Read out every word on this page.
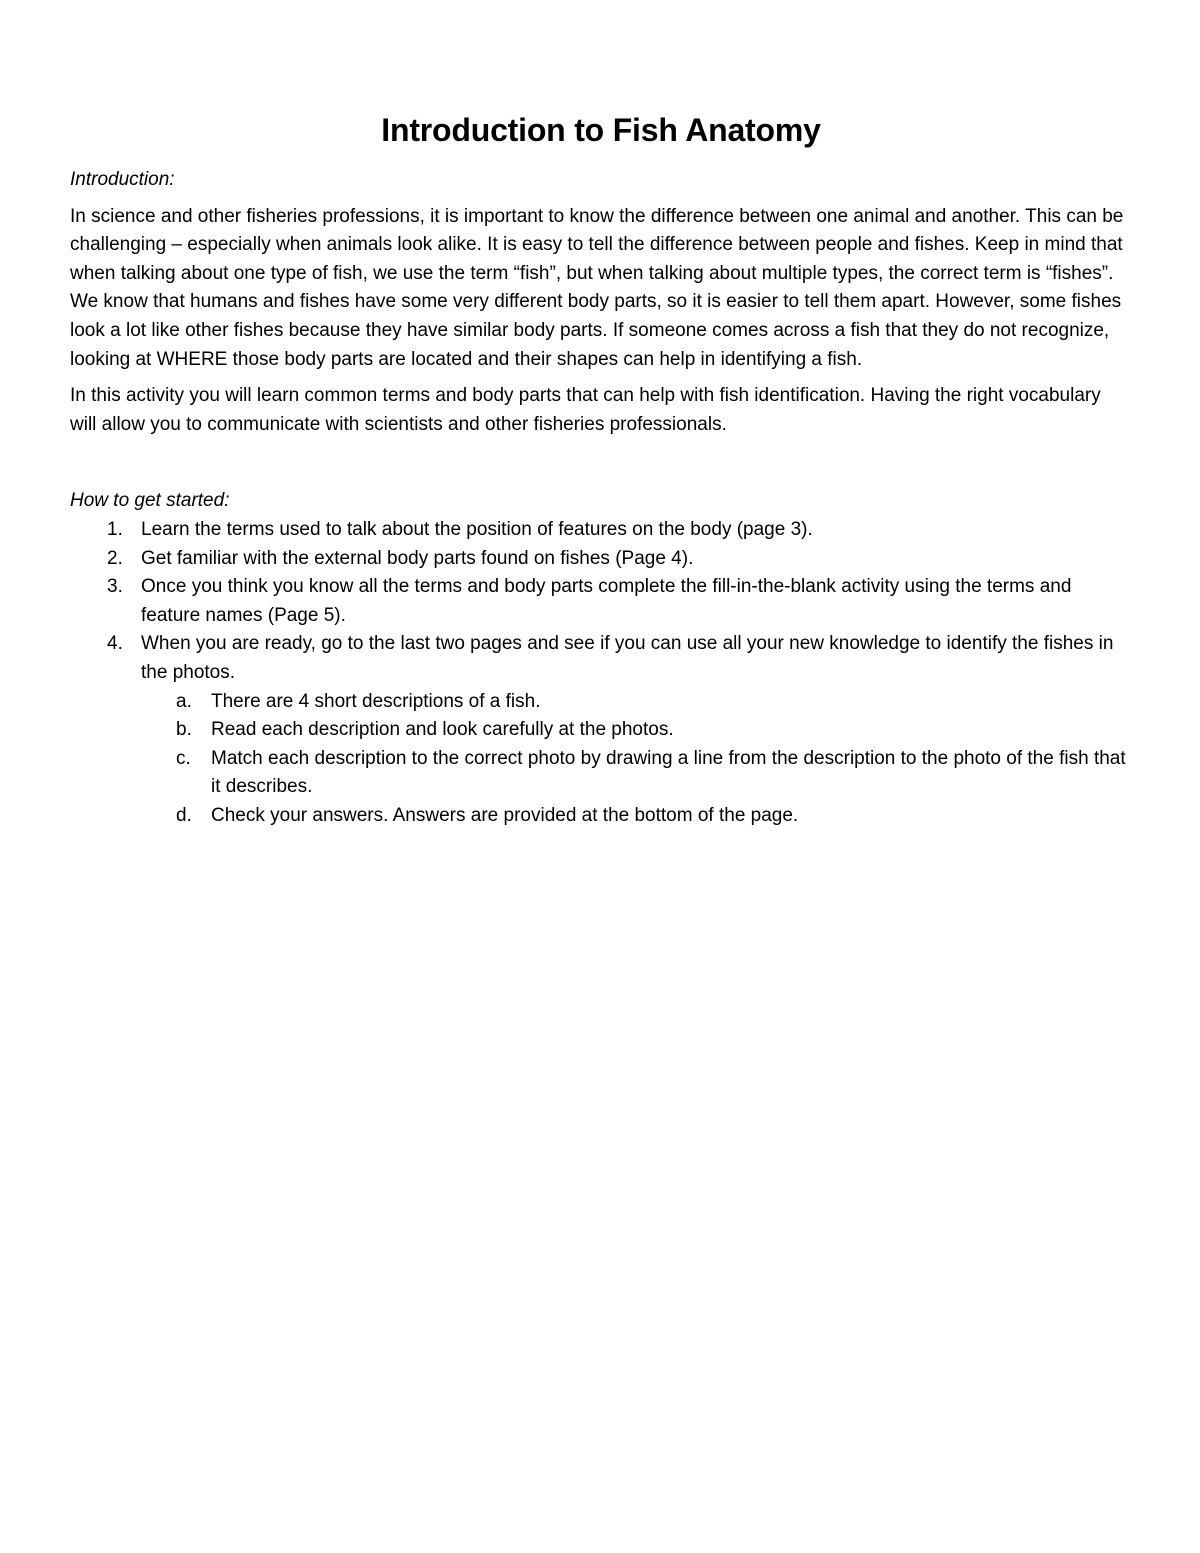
Introduction to Fish Anatomy
Introduction:

In science and other fisheries professions, it is important to know the difference between one animal and another. This can be challenging – especially when animals look alike. It is easy to tell the difference between people and fishes. Keep in mind that when talking about one type of fish, we use the term “fish”, but when talking about multiple types, the correct term is “fishes”. We know that humans and fishes have some very different body parts, so it is easier to tell them apart. However, some fishes look a lot like other fishes because they have similar body parts. If someone comes across a fish that they do not recognize, looking at WHERE those body parts are located and their shapes can help in identifying a fish.

In this activity you will learn common terms and body parts that can help with fish identification. Having the right vocabulary will allow you to communicate with scientists and other fisheries professionals.

How to get started:
1. Learn the terms used to talk about the position of features on the body (page 3).
2. Get familiar with the external body parts found on fishes (Page 4).
3. Once you think you know all the terms and body parts complete the fill-in-the-blank activity using the terms and feature names (Page 5).
4. When you are ready, go to the last two pages and see if you can use all your new knowledge to identify the fishes in the photos.
a. There are 4 short descriptions of a fish.
b. Read each description and look carefully at the photos.
c. Match each description to the correct photo by drawing a line from the description to the photo of the fish that it describes.
d. Check your answers. Answers are provided at the bottom of the page.
